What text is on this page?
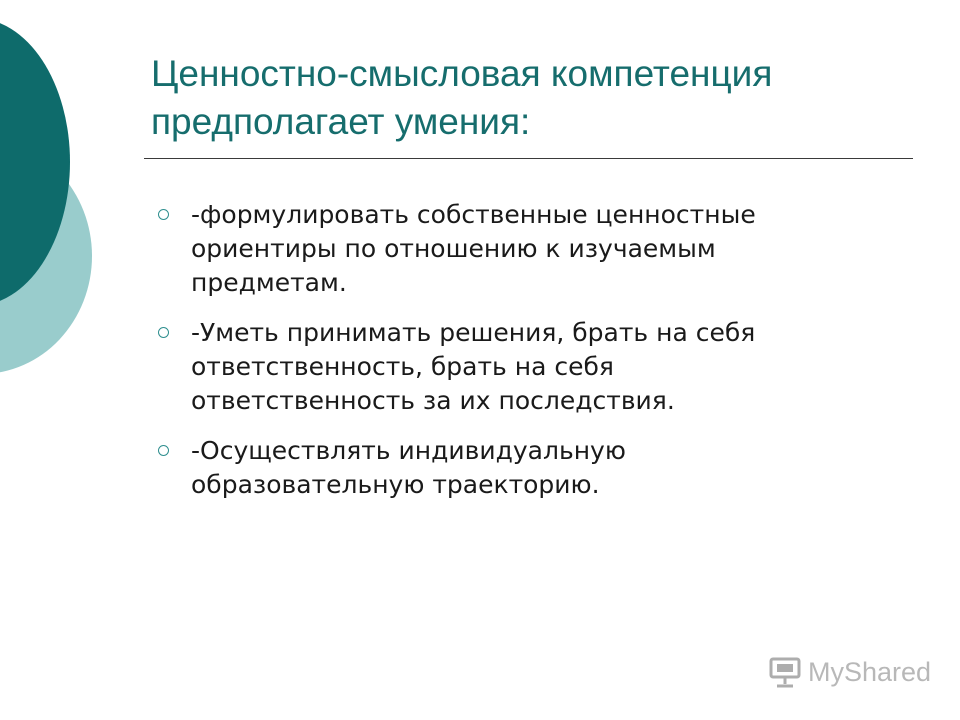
Ценностно-смысловая компетенция
предполагает умения:
-формулировать собственные ценностные
ориентиры по отношению к изучаемым
предметам.
-Уметь принимать решения, брать на себя
ответственность, брать на себя
ответственность за их последствия.
-Осуществлять индивидуальную
образовательную траекторию.
MyShared
